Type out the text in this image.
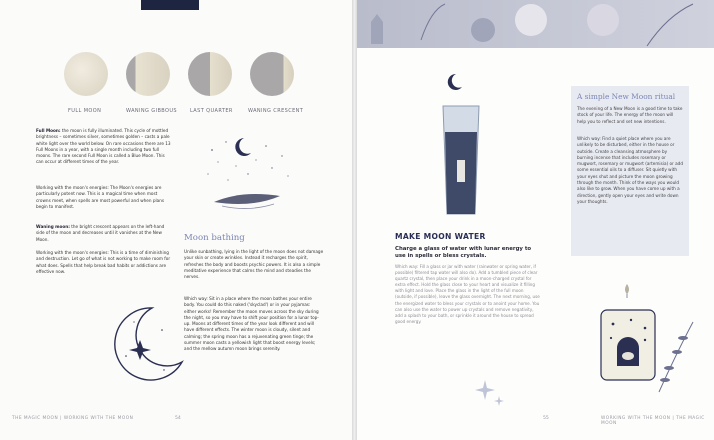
FULL MOON	WANING GIBBOUS	LAST QUARTER	WANING CRESCENT

Full Moon: the moon is fully illuminated. This cycle of mottled brightness – sometimes silver, sometimes golden – casts a pale white light over the world below. On rare occasions there are 13 Full Moons in a year, with a single month including two full moons. The rare second Full Moon is called a Blue Moon. This can occur at different times of the year.

Working with the moon's energies: The Moon's energies are particularly potent now. This is a magical time when most crowns meet, when spells are most powerful and when plans begin to manifest.

Waning moon: the bright crescent appears on the left-hand side of the moon and decreases until it vanishes at the New Moon.

Working with the moon's energies: This is a time of diminishing and destruction. Let go of what is not working to make room for what does. Spells that help break bad habits or addictions are effective now.

Moon bathing

Unlike sunbathing, lying in the light of the moon does not damage your skin or create wrinkles. Instead it recharges the spirit, refreshes the body and boosts psychic powers. It is also a simple meditative experience that calms the mind and steadies the nerves.

Which way: Sit in a place where the moon bathes your entire body. You could do this naked ('skyclad') or in your pyjamas: either works! Remember the moon moves across the sky during the night, so you may have to shift your position for a lunar top-up. Moons at different times of the year look different and will have different effects. The winter moon is cloudy, silent and calming; the spring moon has a rejuvenating green tinge; the summer moon casts a yellowish light that boost energy levels; and the mellow autumn moon brings serenity.

THE MAGIC MOON | WORKING WITH THE MOON	54
MAKE MOON WATER
Charge a glass of water with lunar energy to use in spells or bless crystals.
Which way: Fill a glass or jar with water (rainwater or spring water, if possible) filtered tap water will also do). Add a tumbled piece of clear quartz crystal, then place your drink in a moon-charged crystal for extra effect. Hold the glass close to your heart and visualize it filling with light and love. Place the glass in the light of the full moon (outside, if possible), leave the glass overnight. The next morning, use the energized water to bless your crystals or to anoint your home. You can also use the water to power up crystals and remove negativity, add a splash to your bath, or sprinkle it around the house to spread good energy.
A simple New Moon ritual

The evening of a New Moon is a good time to take stock of your life. The energy of the moon will help you to reflect and set new intentions.

Which way: Find a quiet place where you are unlikely to be disturbed, either in the house or outside. Create a cleansing atmosphere by burning incense that includes rosemary or mugwort, rosemary or mugwort (artemisia) or add some essential oils to a diffuser. Sit quietly with your eyes shut and picture the moon growing through the month. Think of the ways you would also like to grow. When you have come up with a direction, gently open your eyes and write down your thoughts.

55	WORKING WITH THE MOON | THE MAGIC MOON
